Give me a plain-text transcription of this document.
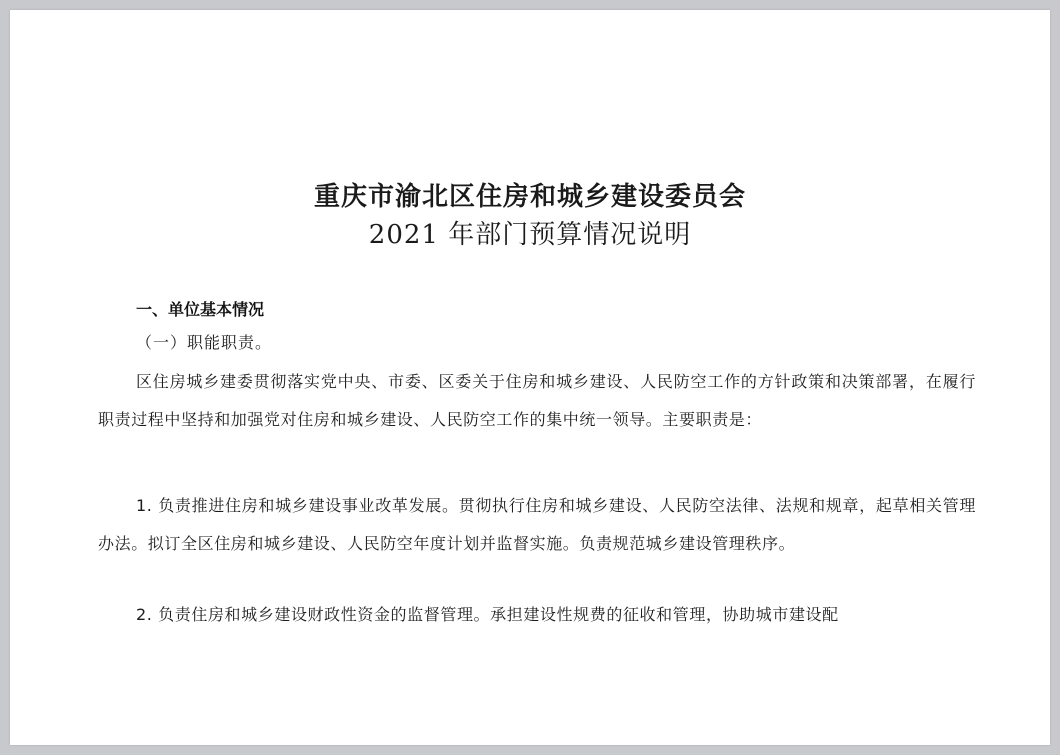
重庆市渝北区住房和城乡建设委员会
2021 年部门预算情况说明
一、单位基本情况
（一）职能职责。

区住房城乡建委贯彻落实党中央、市委、区委关于住房和城乡建设、人民防空工作的方针政策和决策部署，在履行职责过程中坚持和加强党对住房和城乡建设、人民防空工作的集中统一领导。主要职责是：

1. 负责推进住房和城乡建设事业改革发展。贯彻执行住房和城乡建设、人民防空法律、法规和规章，起草相关管理办法。拟订全区住房和城乡建设、人民防空年度计划并监督实施。负责规范城乡建设管理秩序。

2. 负责住房和城乡建设财政性资金的监督管理。承担建设性规费的征收和管理，协助城市建设配
